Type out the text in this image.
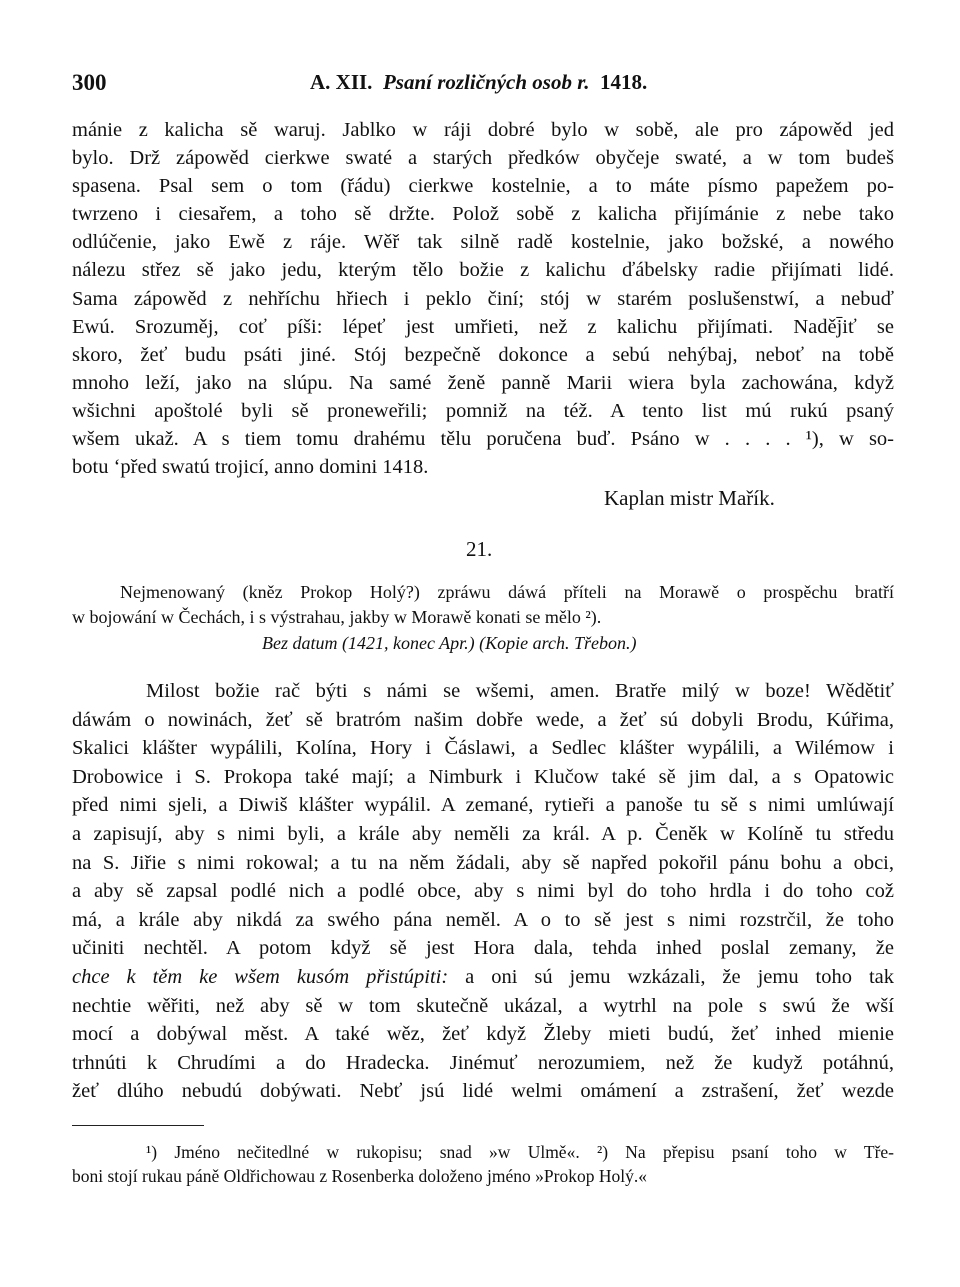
300	A. XII. Psaní rozličných osob r. 1418.
mánie z kalicha sě waruj. Jablko w ráji dobré bylo w sobě, ale pro zápowěd jed
bylo. Drž zápowěd cierkwe swaté a starých předków obyčeje swaté, a w tom budeš
spasena. Psal sem o tom (řádu) cierkwe kostelnie, a to máte písmo papežem po-
twrzeno i ciesařem, a toho sě držte. Polož sobě z kalicha přijímánie z nebe tako
odlúčenie, jako Ewě z ráje. Wěř tak silně radě kostelnie, jako božské, a nowého
nálezu střez sě jako jedu, kterým tělo božie z kalichu ďábelsky radie přijímati lidé.
Sama zápowěd z nehříchu hřiech i peklo činí; stój w starém poslušenstwí, a nebuď
Ewú. Srozuměj, coť píši: lépeť jest umřieti, než z kalichu přijímati. Naděj̄iť se
skoro, žeť budu psáti jiné. Stój bezpečně dokonce a sebú nehýbaj, neboť na tobě
mnoho leží, jako na slúpu. Na samé ženě panně Marii wiera byla zachowána, když
wšichni apoštolé byli sě proneweřili; pomniž na též. A tento list mú rukú psaný
wšem ukaž. A s tiem tomu drahému tělu poručena buď. Psáno w . . . . ¹), w so-
botu ʻpřed swatú trojicí, anno domini 1418.
Kaplan mistr Mařík.
21.
Nejmenowaný (kněz Prokop Holý?) zpráwu dáwá příteli na Morawě o prospěchu bratří
w bojowání w Čechách, i s výstrahau, jakby w Morawě konati se mělo ²).
Bez datum (1421, konec Apr.) (Kopie arch. Třebon.)
Milost božie rač býti s námi se wšemi, amen. Bratře milý w boze! Wědětiť
dáwám o nowinách, žeť sě bratróm našim dobře wede, a žeť sú dobyli Brodu, Kúřima,
Skalici klášter wypálili, Kolína, Hory i Čáslawi, a Sedlec klášter wypálili, a Wilémow i
Drobowice i S. Prokopa také mají; a Nimburk i Klučow také sě jim dal, a s Opatowic
před nimi sjeli, a Diwiš klášter wypálil. A zemané, rytieři a panoše tu sě s nimi umlúwají
a zapisují, aby s nimi byli, a krále aby neměli za král. A p. Čeněk w Kolíně tu středu
na S. Jiřie s nimi rokowal; a tu na něm žádali, aby sě napřed pokořil pánu bohu a obci,
a aby sě zapsal podlé nich a podlé obce, aby s nimi byl do toho hrdla i do toho což
má, a krále aby nikdá za swého pána neměl. A o to sě jest s nimi rozstrčil, že toho
učiniti nechtěl. A potom když sě jest Hora dala, tehda inhed poslal zemany, že
chce k těm ke wšem kusóm přistúpiti: a oni sú jemu wzkázali, že jemu toho tak
nechtie wěřiti, než aby sě w tom skutečně ukázal, a wytrhl na pole s swú že wší
mocí a dobýwal měst. A také wěz, žeť když Žleby mieti budú, žeť inhed mienie
trhnúti k Chrudími a do Hradecka. Jinémuť nerozumiem, než že kudyž potáhnú,
žeť dlúho nebudú dobýwati. Nebť jsú lidé welmi omámení a zstrašení, žeť wezde
¹) Jméno nečitedlné w rukopisu; snad »w Ulmě«. ²) Na přepisu psaní toho w Tře-
boni stojí rukau páně Oldřichowau z Rosenberka doloženo jméno »Prokop Holý.«
